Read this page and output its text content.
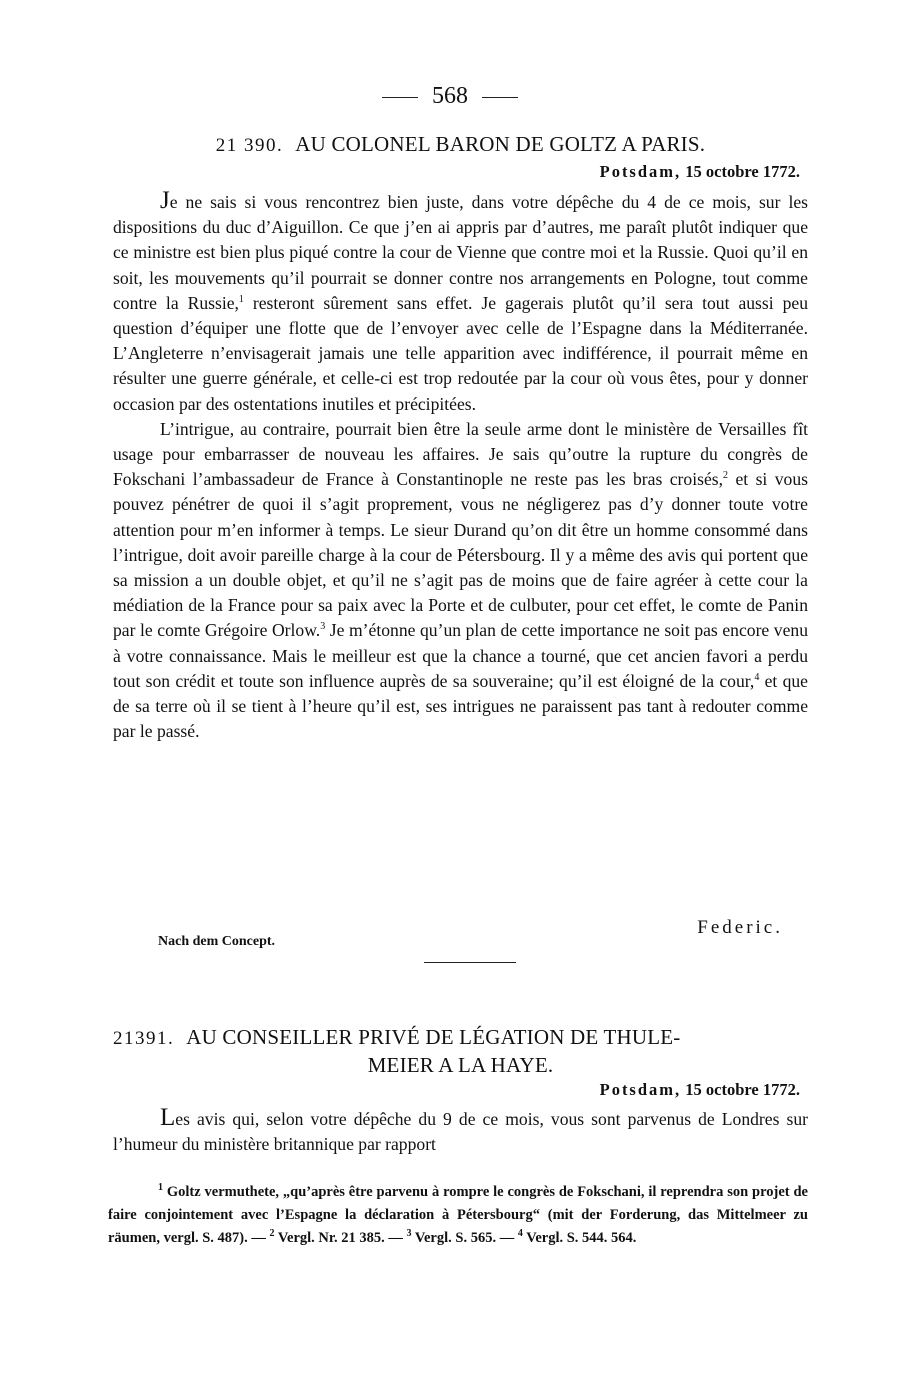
568
21 390. AU COLONEL BARON DE GOLTZ A PARIS.
Potsdam, 15 octobre 1772.

Je ne sais si vous rencontrez bien juste, dans votre dépêche du 4 de ce mois, sur les dispositions du duc d’Aiguillon. Ce que j’en ai appris par d’autres, me paraît plutôt indiquer que ce ministre est bien plus piqué contre la cour de Vienne que contre moi et la Russie. Quoi qu’il en soit, les mouvements qu’il pourrait se donner contre nos arrangements en Pologne, tout comme contre la Russie,$^1$ resteront sûrement sans effet. Je gagerais plutôt qu’il sera tout aussi peu question d’équiper une flotte que de l’envoyer avec celle de l’Espagne dans la Méditerranée. L’Angleterre n’envisagerait jamais une telle apparition avec indifférence, il pourrait même en résulter une guerre générale, et celle-ci est trop redoutée par la cour où vous êtes, pour y donner occasion par des ostentations inutiles et précipitées.

L’intrigue, au contraire, pourrait bien être la seule arme dont le ministère de Versailles fît usage pour embarrasser de nouveau les affaires. Je sais qu’outre la rupture du congrès de Fokschani l’ambassadeur de France à Constantinople ne reste pas les bras croisés,$^2$ et si vous pouvez pénétrer de quoi il s’agit proprement, vous ne négligerez pas d’y donner toute votre attention pour m’en informer à temps. Le sieur Durand qu’on dit être un homme consommé dans l’intrigue, doit avoir pareille charge à la cour de Pétersbourg. Il y a même des avis qui portent que sa mission a un double objet, et qu’il ne s’agit pas de moins que de faire agréer à cette cour la médiation de la France pour sa paix avec la Porte et de culbuter, pour cet effet, le comte de Panin par le comte Grégoire Orlow.$^3$ Je m’étonne qu’un plan de cette importance ne soit pas encore venu à votre connaissance. Mais le meilleur est que la chance a tourné, que cet ancien favori a perdu tout son crédit et toute son influence auprès de sa souveraine; qu’il est éloigné de la cour,$^4$ et que de sa terre où il se tient à l’heure qu’il est, ses intrigues ne paraissent pas tant à redouter comme par le passé.

Federic.
Nach dem Concept.
21391. AU CONSEILLER PRIVÉ DE LÉGATION DE THULE-
MEIER A LA HAYE.
Potsdam, 15 octobre 1772.

Les avis qui, selon votre dépêche du 9 de ce mois, vous sont parvenus de Londres sur l’humeur du ministère britannique par rapport

$^1$ Goltz vermuthete, „qu’après être parvenu à rompre le congrès de Fokschani, il reprendra son projet de faire conjointement avec l’Espagne la déclaration à Pétersbourg“ (mit der Forderung, das Mittelmeer zu räumen, vergl. S. 487). — $^2$ Vergl. Nr. 21 385. — $^3$ Vergl. S. 565. — $^4$ Vergl. S. 544. 564.
